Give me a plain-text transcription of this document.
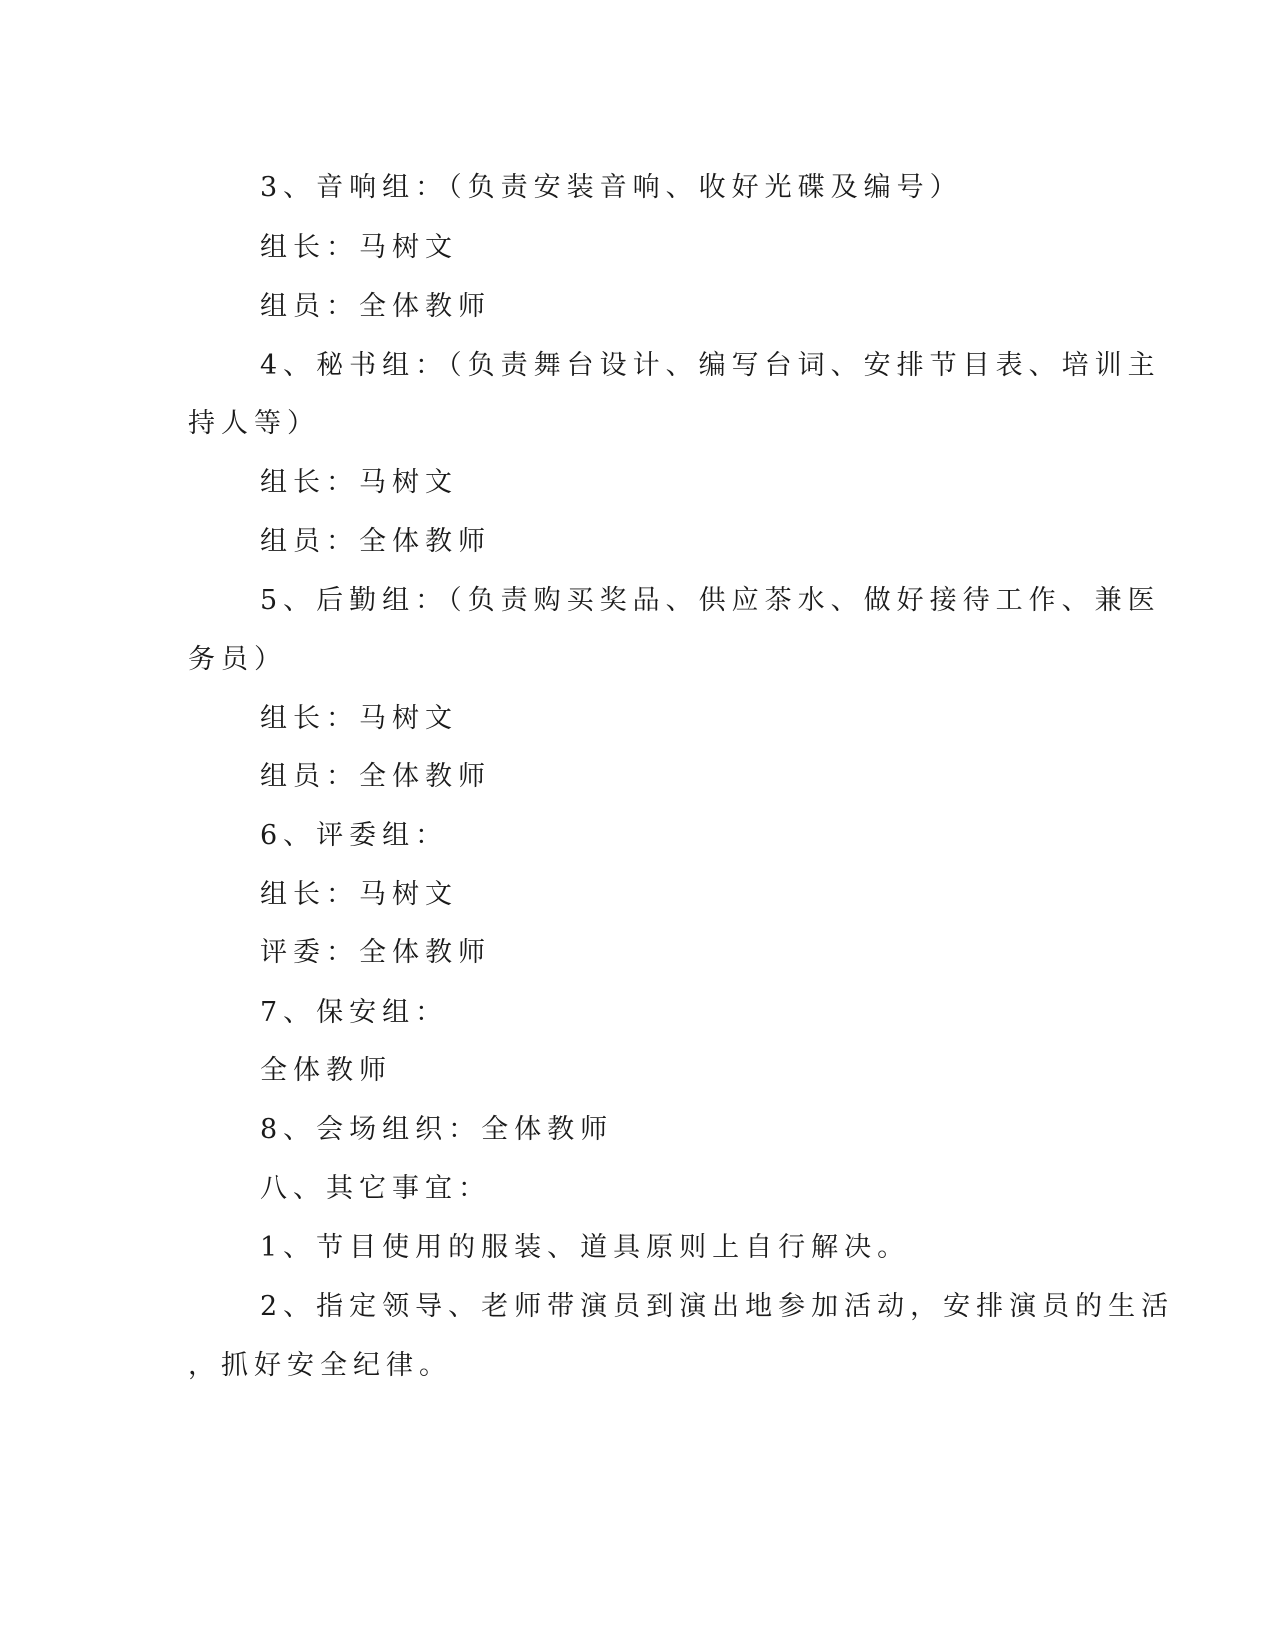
3、音响组：（负责安装音响、收好光碟及编号）
组长：马树文
组员：全体教师
4、秘书组：（负责舞台设计、编写台词、安排节目表、培训主
持人等）
组长：马树文
组员：全体教师
5、后勤组：（负责购买奖品、供应茶水、做好接待工作、兼医
务员）
组长：马树文
组员：全体教师
6、评委组：
组长：马树文
评委：全体教师
7、保安组：
全体教师
8、会场组织：全体教师
八、其它事宜：
1、节目使用的服装、道具原则上自行解决。
2、指定领导、老师带演员到演出地参加活动，安排演员的生活
，抓好安全纪律。
